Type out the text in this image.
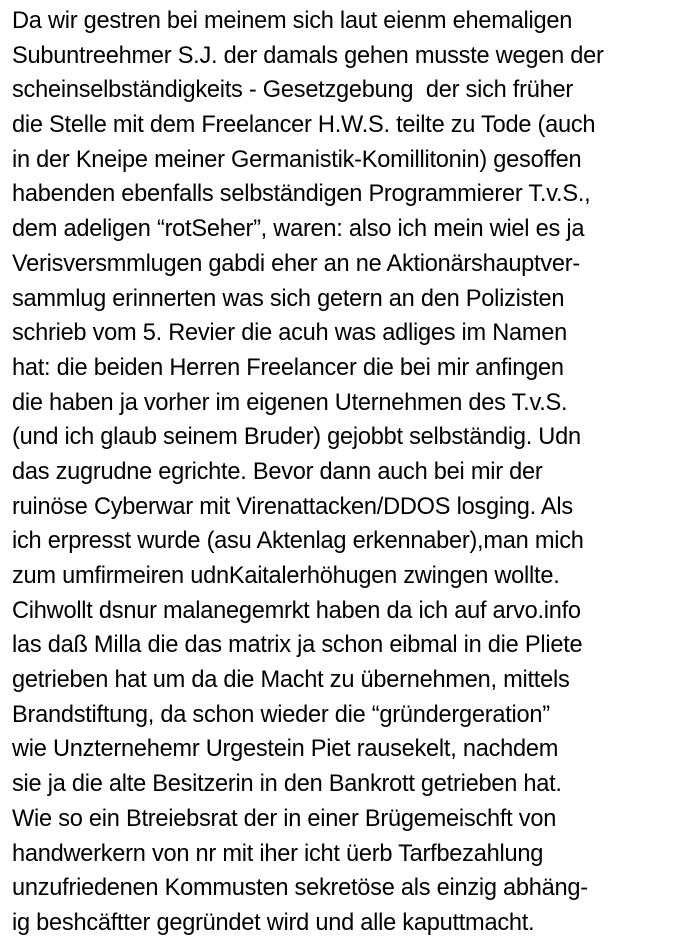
Da wir gestren bei meinem sich laut eienm ehemaligen
Subuntreehmer S.J. der damals gehen musste wegen der
scheinselbständigkeits - Gesetzgebung  der sich früher
die Stelle mit dem Freelancer H.W.S. teilte zu Tode (auch
in der Kneipe meiner Germanistik-Komillitonin) gesoffen
habenden ebenfalls selbständigen Programmierer T.v.S.,
dem adeligen “rotSeher”, waren: also ich mein wiel es ja
Verisversmmlugen gabdi eher an ne Aktionärshauptver-
sammlug erinnerten was sich getern an den Polizisten
schrieb vom 5. Revier die acuh was adliges im Namen
hat: die beiden Herren Freelancer die bei mir anfingen
die haben ja vorher im eigenen Uternehmen des T.v.S.
(und ich glaub seinem Bruder) gejobbt selbständig. Udn
das zugrudne egrichte. Bevor dann auch bei mir der
ruinöse Cyberwar mit Virenattacken/DDOS losging. Als
ich erpresst wurde (asu Aktenlag erkennaber),man mich
zum umfirmeiren udnKaitalerhöhugen zwingen wollte.
Cihwollt dsnur malanegemrkt haben da ich auf arvo.info
las daß Milla die das matrix ja schon eibmal in die Pliete
getrieben hat um da die Macht zu übernehmen, mittels
Brandstiftung, da schon wieder die “gründergeration”
wie Unzternehemr Urgestein Piet rausekelt, nachdem
sie ja die alte Besitzerin in den Bankrott getrieben hat.
Wie so ein Btreiebsrat der in einer Brügemeischft von
handwerkern von nr mit iher icht üerb Tarfbezahlung
unzufriedenen Kommusten sekretöse als einzig abhäng-
ig beshcäftter gegründet wird und alle kaputtmacht.
